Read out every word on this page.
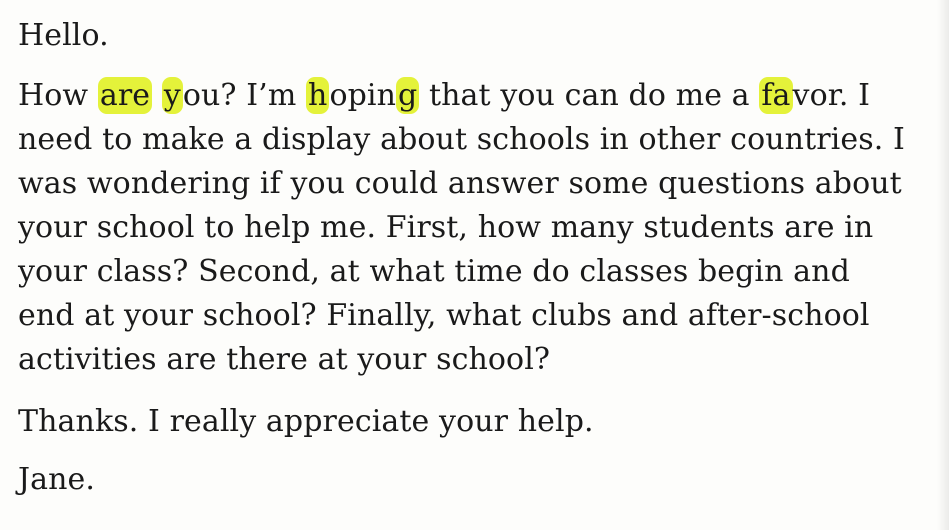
Hello.

How are you? I’m hoping that you can do me a favor. I need to make a display about schools in other countries. I was wondering if you could answer some questions about your school to help me. First, how many students are in your class? Second, at what time do classes begin and end at your school? Finally, what clubs and after-school activities are there at your school?

Thanks. I really appreciate your help.

Jane.
